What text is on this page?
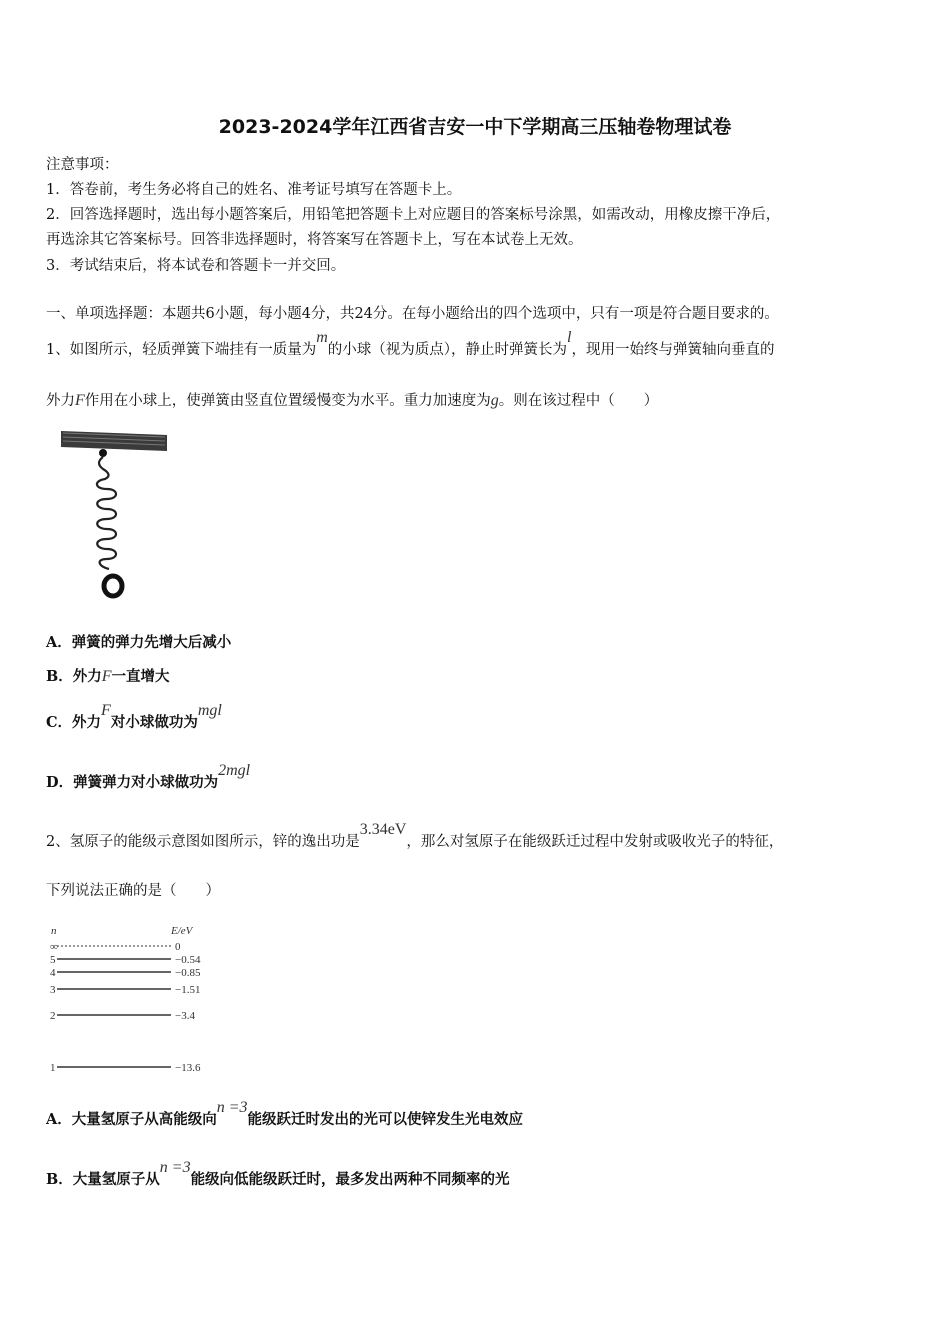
2023-2024学年江西省吉安一中下学期高三压轴卷物理试卷
注意事项：
1．答卷前，考生务必将自己的姓名、准考证号填写在答题卡上。
2．回答选择题时，选出每小题答案后，用铅笔把答题卡上对应题目的答案标号涂黑，如需改动，用橡皮擦干净后，
再选涂其它答案标号。回答非选择题时，将答案写在答题卡上，写在本试卷上无效。
3．考试结束后，将本试卷和答题卡一并交回。
一、单项选择题：本题共6小题，每小题4分，共24分。在每小题给出的四个选项中，只有一项是符合题目要求的。
1、如图所示，轻质弹簧下端挂有一质量为m的小球（视为质点），静止时弹簧长为l，现用一始终与弹簧轴向垂直的
外力F作用在小球上，使弹簧由竖直位置缓慢变为水平。重力加速度为g。则在该过程中（　　）
A．弹簧的弹力先增大后减小
B．外力F一直增大
C．外力F对小球做功为mgl
D．弹簧弹力对小球做功为2mgl
2、氢原子的能级示意图如图所示，锌的逸出功是3.34eV，那么对氢原子在能级跃迁过程中发射或吸收光子的特征，
下列说法正确的是（　　）
n	E/eV
∞	0
5	−0.54
4	−0.85
3	−1.51
2	−3.4
1	−13.6
A．大量氢原子从高能级向n =3能级跃迁时发出的光可以使锌发生光电效应
B．大量氢原子从n =3能级向低能级跃迁时，最多发出两种不同频率的光
